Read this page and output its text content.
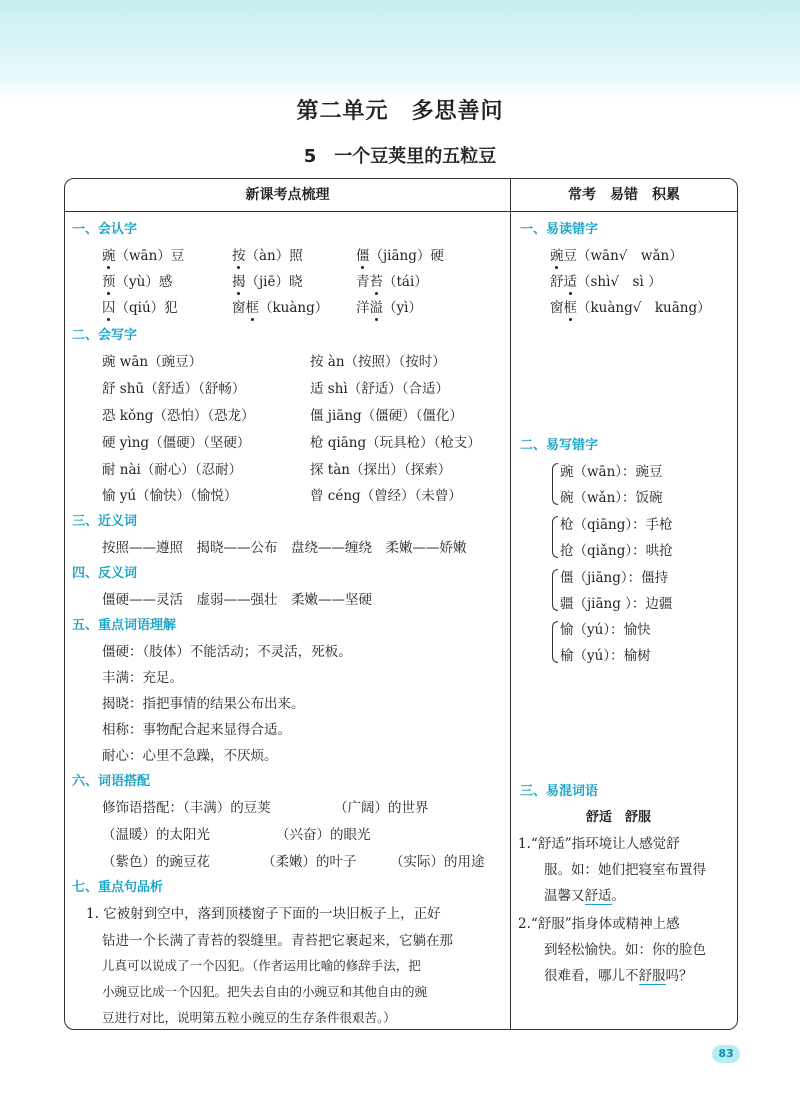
第二单元　多思善问
5　一个豆荚里的五粒豆
新课考点梳理	常考　易错　积累
一、会认字
豌（wān）豆	按（àn）照	僵（jiāng）硬
预（yù）感	揭（jiē）晓	青苔（tái）
囚（qiú）犯	窗框（kuàng） 洋溢（yì）
二、会写字
豌 wān（豌豆）	按 àn（按照）（按时）
舒 shū（舒适）（舒畅）	适 shì（舒适）（合适）
恐 kǒng（恐怕）（恐龙）	僵 jiāng（僵硬）（僵化）
硬 yìng（僵硬）（坚硬）	枪 qiāng（玩具枪）（枪支）
耐 nài（耐心）（忍耐）	探 tàn（探出）（探索）
愉 yú（愉快）（愉悦）	曾 céng（曾经）（未曾）
三、近义词
按照——遵照　揭晓——公布　盘绕——缠绕　柔嫩——娇嫩
四、反义词
僵硬——灵活　虚弱——强壮　柔嫩——坚硬
五、重点词语理解
僵硬：（肢体）不能活动；不灵活，死板。
丰满：充足。
揭晓：指把事情的结果公布出来。
相称：事物配合起来显得合适。
耐心：心里不急躁，不厌烦。
六、词语搭配
修饰语搭配：（丰满）的豆荚	（广阔）的世界
（温暖）的太阳光	（兴奋）的眼光
（紫色）的豌豆花	（柔嫩）的叶子 （实际）的用途
七、重点句品析
1. 它被射到空中，落到顶楼窗子下面的一块旧板子上，正好
钻进一个长满了青苔的裂缝里。青苔把它裹起来，它躺在那
儿真可以说成了一个囚犯。（作者运用比喻的修辞手法，把
小豌豆比成一个囚犯。把失去自由的小豌豆和其他自由的豌
豆进行对比，说明第五粒小豌豆的生存条件很艰苦。）
一、易读错字
豌豆（wān√　wǎn）
舒适（shì√　sì ）
窗框（kuàng√　kuāng）
二、易写错字
豌（wān）：豌豆
碗（wǎn）：饭碗
枪（qiāng）：手枪
抢（qiǎng）：哄抢
僵（jiāng）：僵持
疆（jiāng ）：边疆
愉（yú）：愉快
榆（yú）：榆树
三、易混词语
舒适　舒服
1.“舒适”指环境让人感觉舒
服。如：她们把寝室布置得
温馨又舒适。
2.“舒服”指身体或精神上感
到轻松愉快。如：你的脸色
很难看，哪儿不舒服吗？
83
